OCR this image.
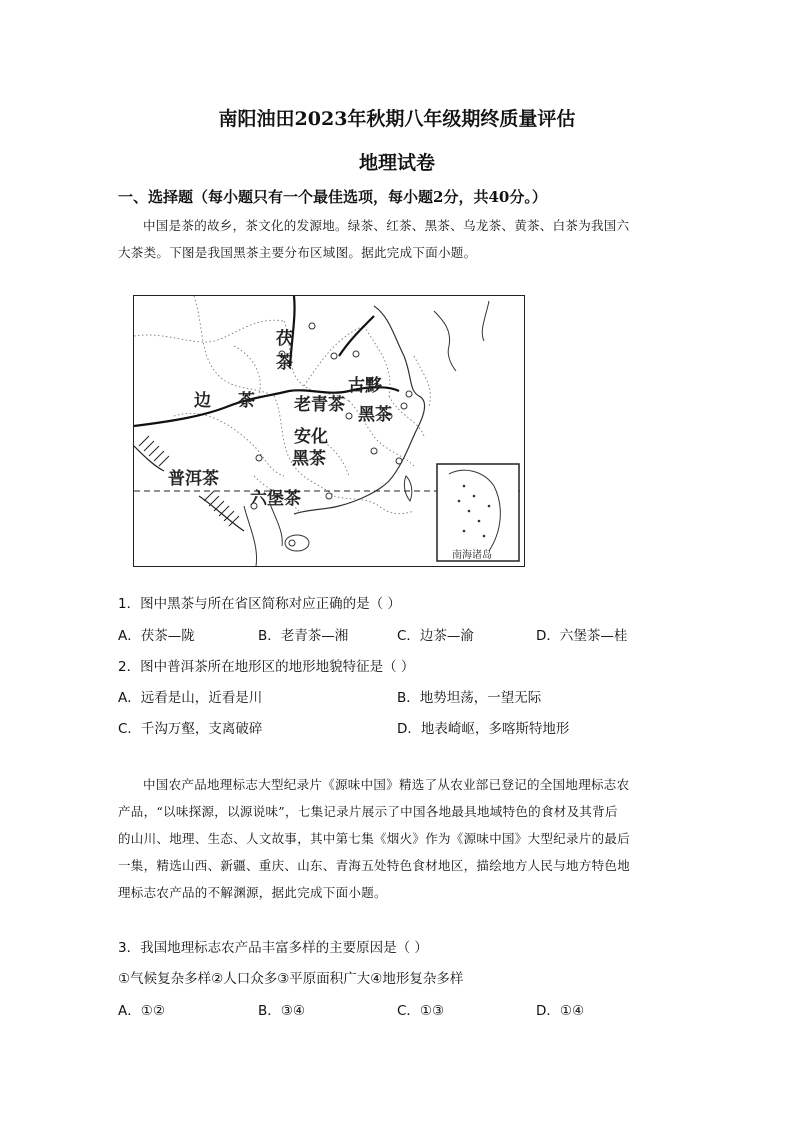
南阳油田2023年秋期八年级期终质量评估
地理试卷
一、选择题（每小题只有一个最佳选项，每小题2分，共40分。）
中国是茶的故乡，茶文化的发源地。绿茶、红茶、黑茶、乌龙茶、黄茶、白茶为我国六
大茶类。下图是我国黑茶主要分布区域图。据此完成下面小题。
茯
茶
边 茶 老青茶
古黟
黑茶
安化
黑茶
普洱茶
六堡茶
南海诸岛
1．图中黑茶与所在省区简称对应正确的是（ ）
A．茯茶—陇	B．老青茶—湘	C．边茶—渝	D．六堡茶—桂
2．图中普洱茶所在地形区的地形地貌特征是（ ）
A．远看是山，近看是川	B．地势坦荡，一望无际
C．千沟万壑，支离破碎	D．地表崎岖，多喀斯特地形
中国农产品地理标志大型纪录片《源味中国》精选了从农业部已登记的全国地理标志农
产品，“以味探源，以源说味”，七集记录片展示了中国各地最具地域特色的食材及其背后
的山川、地理、生态、人文故事，其中第七集《烟火》作为《源味中国》大型纪录片的最后
一集，精选山西、新疆、重庆、山东、青海五处特色食材地区，描绘地方人民与地方特色地
理标志农产品的不解渊源，据此完成下面小题。
3．我国地理标志农产品丰富多样的主要原因是（ ）
①气候复杂多样②人口众多③平原面积广大④地形复杂多样
A．①②	B．③④	C．①③	D．①④
